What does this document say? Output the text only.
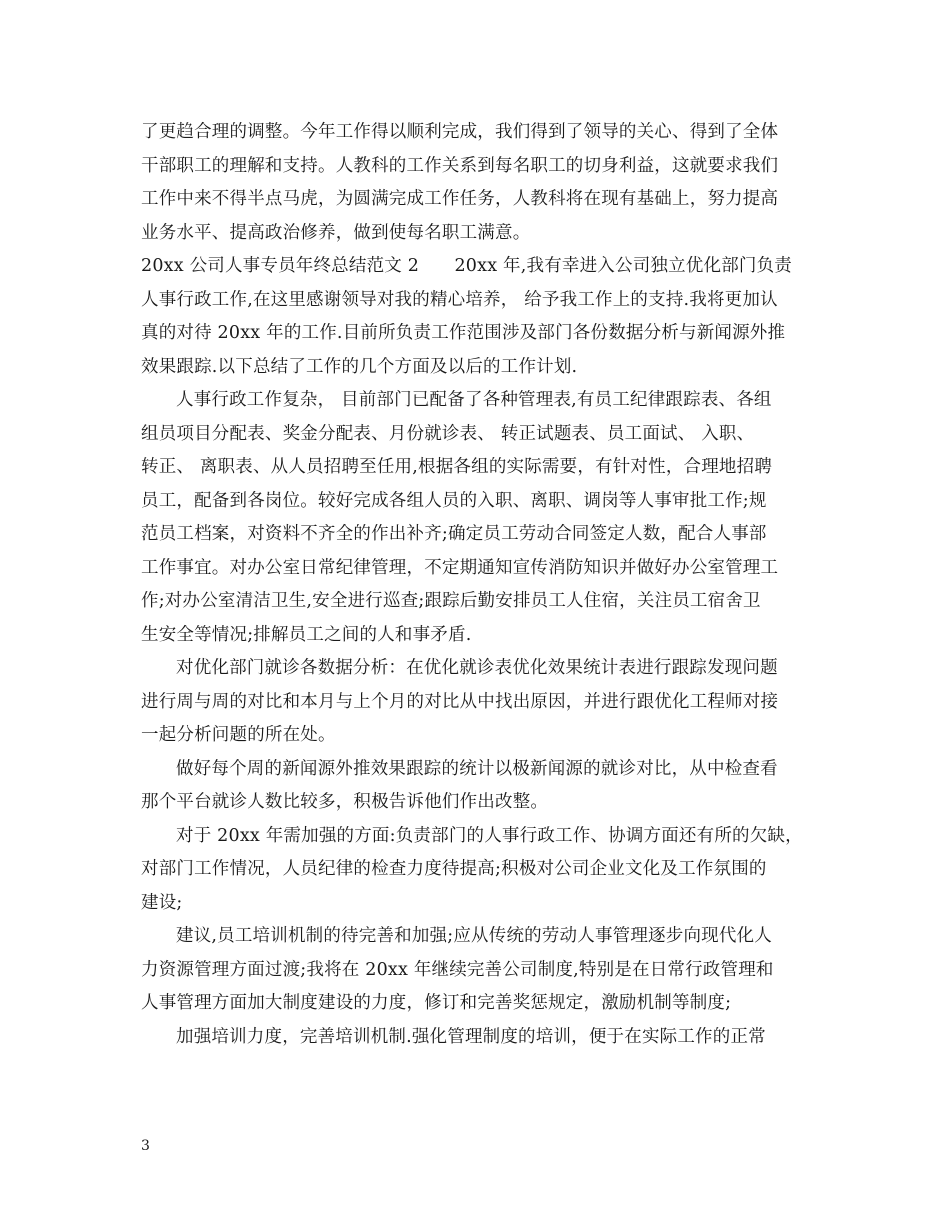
了更趋合理的调整。今年工作得以顺利完成，我们得到了领导的关心、得到了全体
干部职工的理解和支持。人教科的工作关系到每名职工的切身利益，这就要求我们
工作中来不得半点马虎，为圆满完成工作任务，人教科将在现有基础上，努力提高
业务水平、提高政治修养，做到使每名职工满意。
20xx 公司人事专员年终总结范文 2　　20xx 年,我有幸进入公司独立优化部门负责
人事行政工作,在这里感谢领导对我的精心培养， 给予我工作上的支持.我将更加认
真的对待 20xx 年的工作.目前所负责工作范围涉及部门各份数据分析与新闻源外推
效果跟踪.以下总结了工作的几个方面及以后的工作计划.
人事行政工作复杂， 目前部门已配备了各种管理表,有员工纪律跟踪表、各组
组员项目分配表、奖金分配表、月份就诊表、 转正试题表、员工面试、 入职、
转正、 离职表、从人员招聘至任用,根据各组的实际需要，有针对性，合理地招聘
员工，配备到各岗位。较好完成各组人员的入职、离职、调岗等人事审批工作;规
范员工档案，对资料不齐全的作出补齐;确定员工劳动合同签定人数，配合人事部
工作事宜。对办公室日常纪律管理，不定期通知宣传消防知识并做好办公室管理工
作;对办公室清洁卫生,安全进行巡查;跟踪后勤安排员工人住宿，关注员工宿舍卫
生安全等情况;排解员工之间的人和事矛盾.
对优化部门就诊各数据分析：在优化就诊表优化效果统计表进行跟踪发现问题
进行周与周的对比和本月与上个月的对比从中找出原因，并进行跟优化工程师对接
一起分析问题的所在处。
做好每个周的新闻源外推效果跟踪的统计以极新闻源的就诊对比，从中检查看
那个平台就诊人数比较多，积极告诉他们作出改整。
对于 20xx 年需加强的方面:负责部门的人事行政工作、协调方面还有所的欠缺，
对部门工作情况，人员纪律的检查力度待提高;积极对公司企业文化及工作氛围的
建设;
建议,员工培训机制的待完善和加强;应从传统的劳动人事管理逐步向现代化人
力资源管理方面过渡;我将在 20xx 年继续完善公司制度,特别是在日常行政管理和
人事管理方面加大制度建设的力度，修订和完善奖惩规定，激励机制等制度;
加强培训力度，完善培训机制.强化管理制度的培训，便于在实际工作的正常
3
